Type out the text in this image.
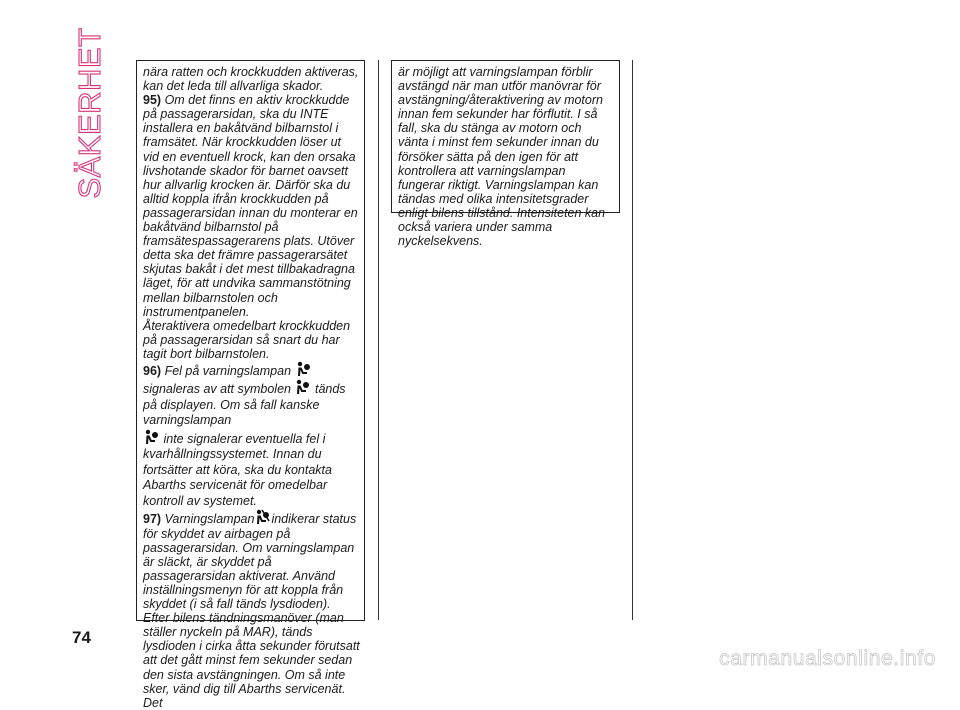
SÄKERHET	nära ratten och krockkudden aktiveras, kan det leda till allvarliga skador.

95) Om det finns en aktiv krockkudde på passagerarsidan, ska du INTE installera en bakåtvänd bilbarnstol i framsätet. När krockkudden löser ut vid en eventuell krock, kan den orsaka livshotande skador för barnet oavsett hur allvarlig krocken är. Därför ska du alltid koppla ifrån krockkudden på passagerarsidan innan du monterar en bakåtvänd bilbarnstol på framsätespassagerarens plats. Utöver detta ska det främre passagerarsätet skjutas bakåt i det mest tillbakadragna läget, för att undvika sammanstötning mellan bilbarnstolen och instrumentpanelen.

Återaktivera omedelbart krockkudden på passagerarsidan så snart du har tagit bort bilbarnstolen.

96) Fel på varningslampan  signaleras av att symbolen tänds på displayen. Om så fall kanske varningslampan
inte signalerar eventuella fel i kvarhållningssystemet. Innan du fortsätter att köra, ska du kontakta Abarths servicenät för omedelbar kontroll av systemet.

97) Varningslampan indikerar status för skyddet av airbagen på passagerarsidan. Om varningslampan är släckt, är skyddet på passagerarsidan aktiverat. Använd inställningsmenyn för att koppla från skyddet (i så fall tänds lysdioden). Efter bilens tändningsmanöver (man ställer nyckeln på MAR), tänds lysdioden i cirka åtta sekunder förutsatt att det gått minst fem sekunder sedan den sista avstängningen. Om så inte sker, vänd dig till Abarths servicenät. Det

är möjligt att varningslampan förblir avstängd när man utför manövrar för avstängning/återaktivering av motorn innan fem sekunder har förflutit. I så fall, ska du stänga av motorn och vänta i minst fem sekunder innan du försöker sätta på den igen för att kontrollera att varningslampan fungerar riktigt. Varningslampan kan tändas med olika intensitetsgrader enligt bilens tillstånd. Intensiteten kan också variera under samma nyckelsekvens.

74
carmanualsonline.info
